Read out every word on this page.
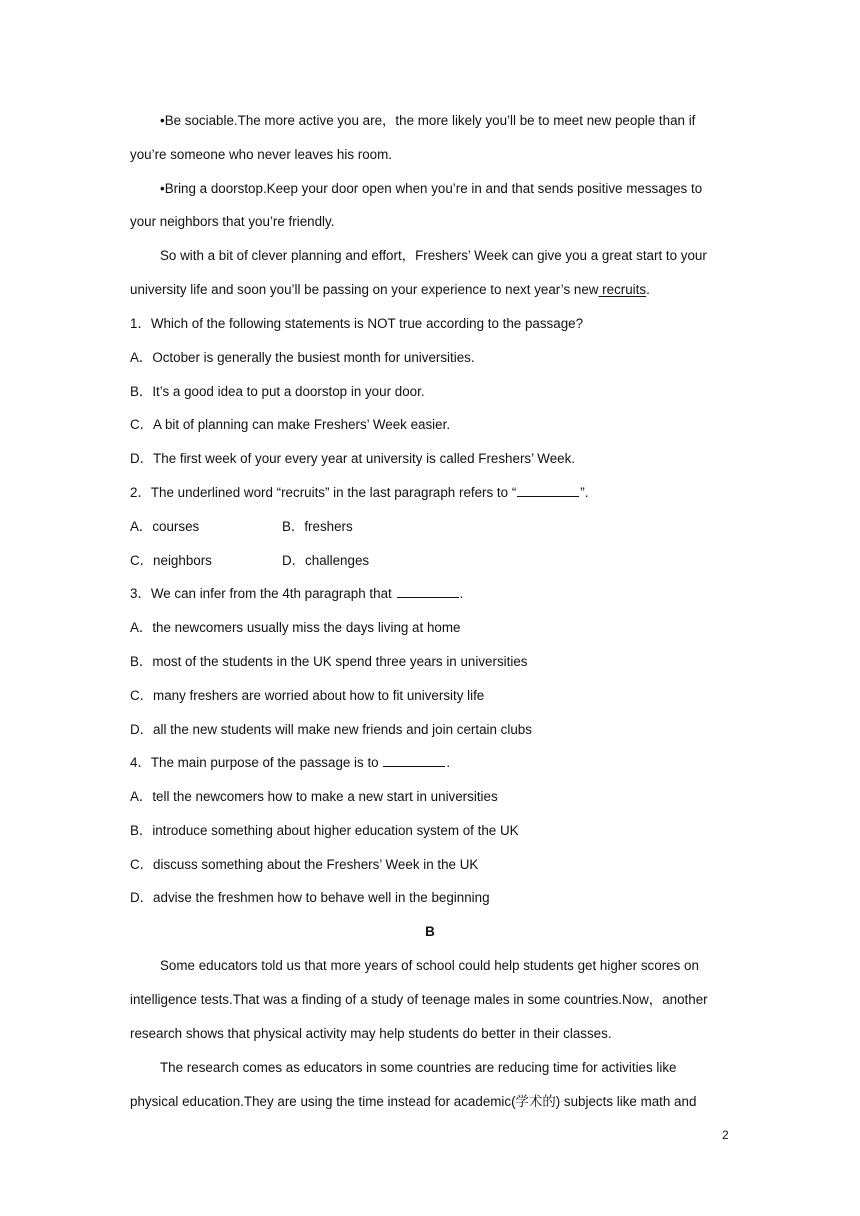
•Be sociable.The more active you are，the more likely you’ll be to meet new people than if
you’re someone who never leaves his room.
•Bring a doorstop.Keep your door open when you’re in and that sends positive messages to
your neighbors that you’re friendly.
So with a bit of clever planning and effort，Freshers’ Week can give you a great start to your
university life and soon you’ll be passing on your experience to next year’s new recruits.
1．Which of the following statements is NOT true according to the passage?
A．October is generally the busiest month for universities.
B．It’s a good idea to put a doorstop in your door.
C．A bit of planning can make Freshers’ Week easier.
D．The first week of your every year at university is called Freshers’ Week.
2．The underlined word “recruits” in the last paragraph refers to “	”.
A．courses	B．freshers
C．neighbors	D．challenges
3．We can infer from the 4th paragraph that	.
A．the newcomers usually miss the days living at home
B．most of the students in the UK spend three years in universities
C．many freshers are worried about how to fit university life
D．all the new students will make new friends and join certain clubs
4．The main purpose of the passage is to	.
A．tell the newcomers how to make a new start in universities
B．introduce something about higher education system of the UK
C．discuss something about the Freshers’ Week in the UK
D．advise the freshmen how to behave well in the beginning
B
Some educators told us that more years of school could help students get higher scores on
intelligence tests.That was a finding of a study of teenage males in some countries.Now，another
research shows that physical activity may help students do better in their classes.
The research comes as educators in some countries are reducing time for activities like
physical education.They are using the time instead for academic(学术的) subjects like math and
2
